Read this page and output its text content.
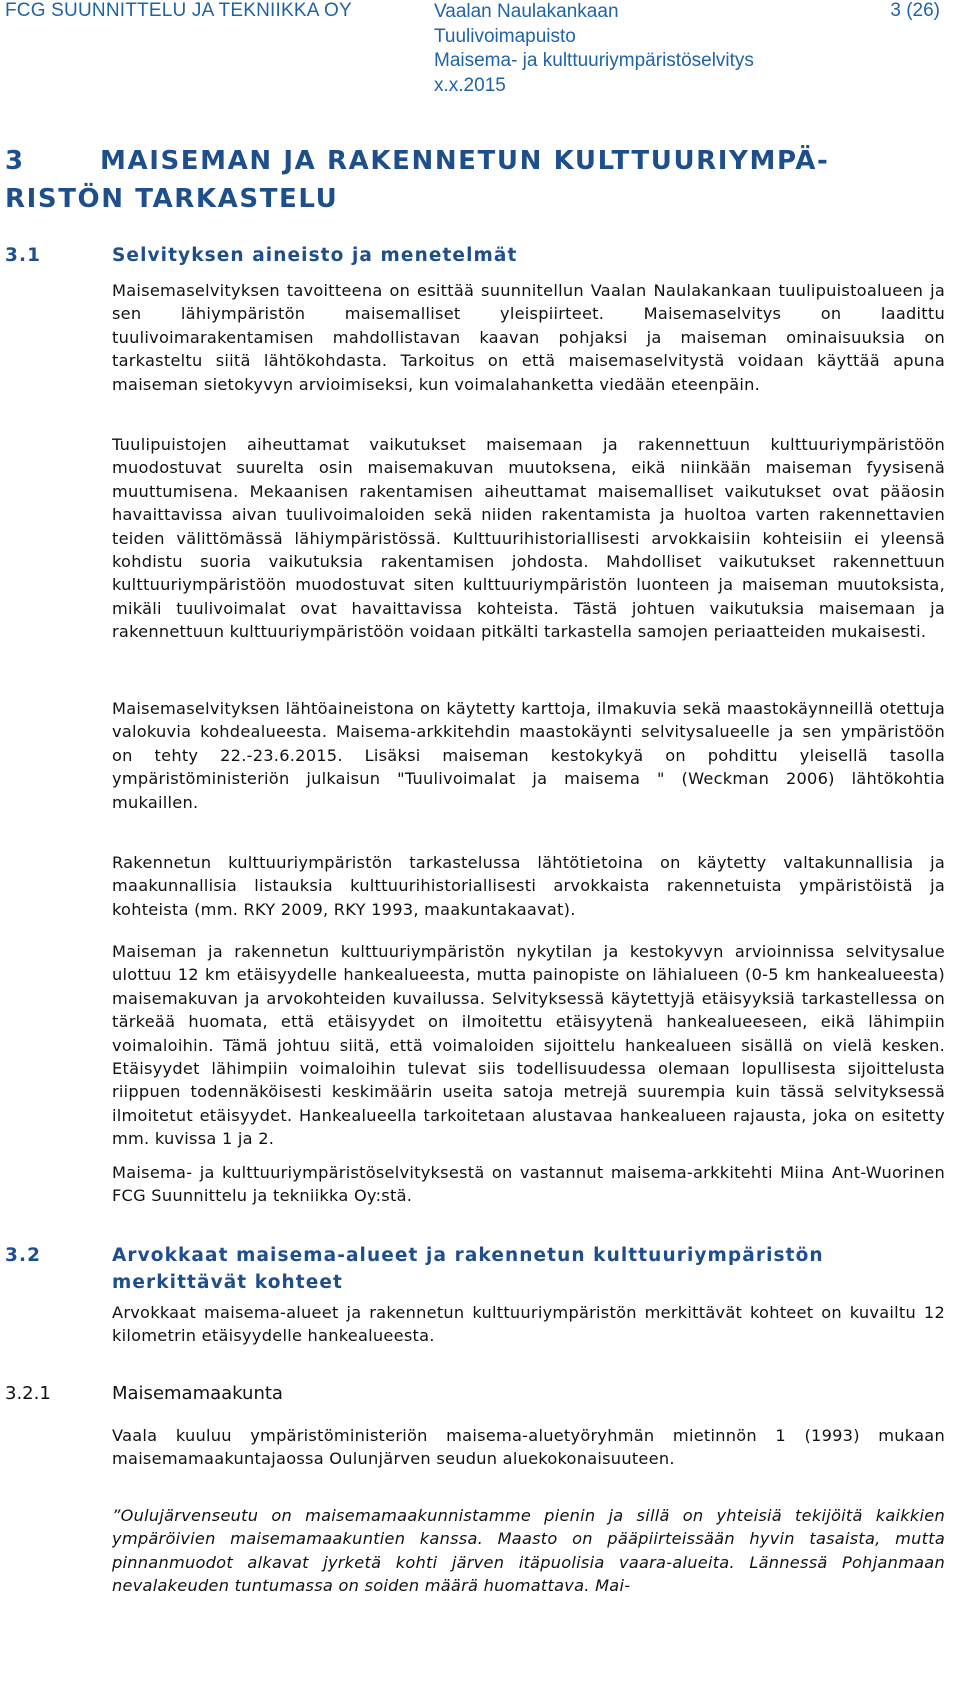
FCG SUUNNITTELU JA TEKNIIKKA OY	Vaalan Naulakankaan
Tuulivoimapuisto
Maisema- ja kulttuuriympäristöselvitys
x.x.2015
3 (26)
3	MAISEMAN JA RAKENNETUN KULTTUURIYMPÄ-
RISTÖN TARKASTELU
3.1	Selvityksen aineisto ja menetelmät
Maisemaselvityksen tavoitteena on esittää suunnitellun Vaalan Naulakankaan tuulipuistoalueen ja sen lähiympäristön maisemalliset yleispiirteet. Maisemaselvitys on laadittu tuulivoimarakentamisen mahdollistavan kaavan pohjaksi ja maiseman ominaisuuksia on tarkasteltu siitä lähtökohdasta. Tarkoitus on että maisemaselvitystä voidaan käyttää apuna maiseman sietokyvyn arvioimiseksi, kun voimalahanketta viedään eteenpäin.
Tuulipuistojen aiheuttamat vaikutukset maisemaan ja rakennettuun kulttuuriympäristöön muodostuvat suurelta osin maisemakuvan muutoksena, eikä niinkään maiseman fyysisenä muuttumisena. Mekaanisen rakentamisen aiheuttamat maisemalliset vaikutukset ovat pääosin havaittavissa aivan tuulivoimaloiden sekä niiden rakentamista ja huoltoa varten rakennettavien teiden välittömässä lähiympäristössä. Kulttuurihistoriallisesti arvokkaisiin kohteisiin ei yleensä kohdistu suoria vaikutuksia rakentamisen johdosta. Mahdolliset vaikutukset rakennettuun kulttuuriympäristöön muodostuvat siten kulttuuriympäristön luonteen ja maiseman muutoksista, mikäli tuulivoimalat ovat havaittavissa kohteista. Tästä johtuen vaikutuksia maisemaan ja rakennettuun kulttuuriympäristöön voidaan pitkälti tarkastella samojen periaatteiden mukaisesti.
Maisemaselvityksen lähtöaineistona on käytetty karttoja, ilmakuvia sekä maastokäynneillä otettuja valokuvia kohdealueesta. Maisema-arkkitehdin maastokäynti selvitysalueelle ja sen ympäristöön on tehty 22.-23.6.2015. Lisäksi maiseman kestokykyä on pohdittu yleisellä tasolla ympäristöministeriön julkaisun "Tuulivoimalat ja maisema " (Weckman 2006) lähtökohtia mukaillen.
Rakennetun kulttuuriympäristön tarkastelussa lähtötietoina on käytetty valtakunnallisia ja maakunnallisia listauksia kulttuurihistoriallisesti arvokkaista rakennetuista ympäristöistä ja kohteista (mm. RKY 2009, RKY 1993, maakuntakaavat).
Maiseman ja rakennetun kulttuuriympäristön nykytilan ja kestokyvyn arvioinnissa selvitysalue ulottuu 12 km etäisyydelle hankealueesta, mutta painopiste on lähialueen (0-5 km hankealueesta) maisemakuvan ja arvokohteiden kuvailussa. Selvityksessä käytettyjä etäisyyksiä tarkastellessa on tärkeää huomata, että etäisyydet on ilmoitettu etäisyytenä hankealueeseen, eikä lähimpiin voimaloihin. Tämä johtuu siitä, että voimaloiden sijoittelu hankealueen sisällä on vielä kesken. Etäisyydet lähimpiin voimaloihin tulevat siis todellisuudessa olemaan lopullisesta sijoittelusta riippuen todennäköisesti keskimäärin useita satoja metrejä suurempia kuin tässä selvityksessä ilmoitetut etäisyydet. Hankealueella tarkoitetaan alustavaa hankealueen rajausta, joka on esitetty mm. kuvissa 1 ja 2.
Maisema- ja kulttuuriympäristöselvityksestä on vastannut maisema-arkkitehti Miina Ant-Wuorinen FCG Suunnittelu ja tekniikka Oy:stä.
3.2	Arvokkaat maisema-alueet ja rakennetun kulttuuriympäristön merkittävät kohteet
Arvokkaat maisema-alueet ja rakennetun kulttuuriympäristön merkittävät kohteet on kuvailtu 12 kilometrin etäisyydelle hankealueesta.
3.2.1	Maisemamaakunta
Vaala kuuluu ympäristöministeriön maisema-aluetyöryhmän mietinnön 1 (1993) mukaan maisemamaakuntajaossa Oulunjärven seudun aluekokonaisuuteen.
”Oulujärvenseutu on maisemamaakunnistamme pienin ja sillä on yhteisiä tekijöitä kaikkien ympäröivien maisemamaakuntien kanssa. Maasto on pääpiirteissään hyvin tasaista, mutta pinnanmuodot alkavat jyrketä kohti järven itäpuolisia vaara-alueita. Lännessä Pohjanmaan nevalakeuden tuntumassa on soiden määrä huomattava. Mai-
